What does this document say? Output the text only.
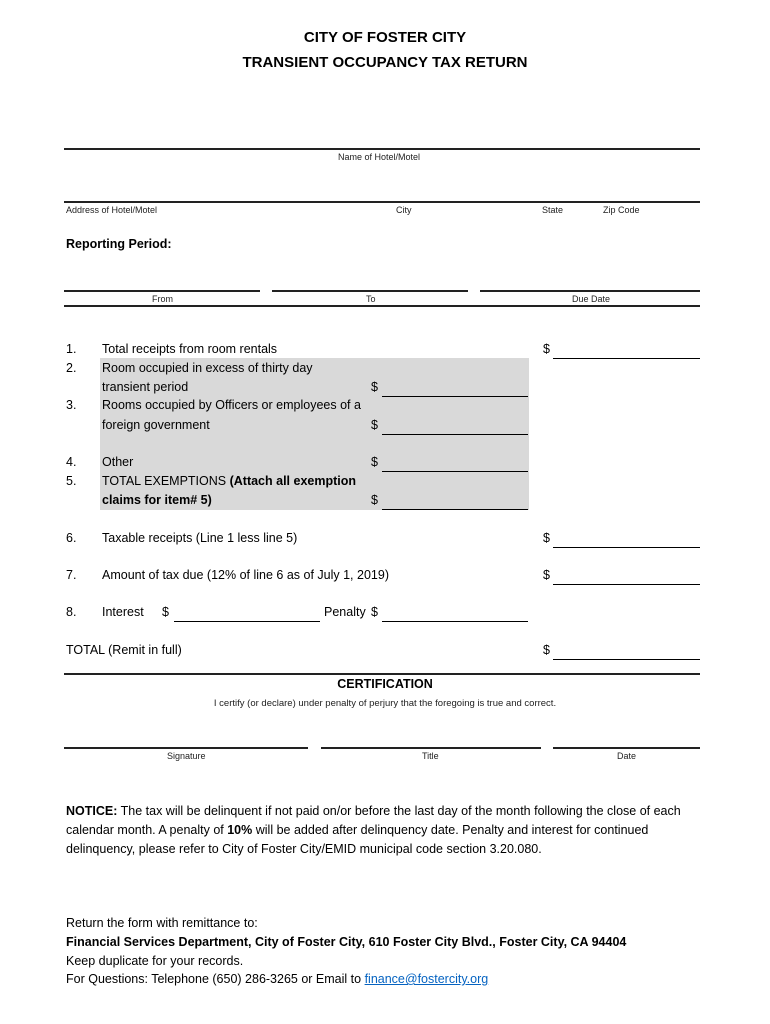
CITY OF FOSTER CITY
TRANSIENT OCCUPANCY TAX RETURN
Name of Hotel/Motel
Address of Hotel/Motel	City	State	Zip Code
Reporting Period:
From	To	Due Date
1. Total receipts from room rentals	$
2. Room occupied in excess of thirty day
transient period	$
3. Rooms occupied by Officers or employees of a
foreign government	$
4. Other	$
5. TOTAL EXEMPTIONS (Attach all exemption
claims for item# 5)	$
6. Taxable receipts (Line 1 less line 5)	$
7. Amount of tax due (12% of line 6 as of July 1, 2019)	$
8. Interest $	Penalty $
TOTAL (Remit in full)	$
CERTIFICATION
I certify (or declare) under penalty of perjury that the foregoing is true and correct.
Signature	Title	Date
NOTICE: The tax will be delinquent if not paid on/or before the last day of the month following the close of each calendar month. A penalty of 10% will be added after delinquency date. Penalty and interest for continued delinquency, please refer to City of Foster City/EMID municipal code section 3.20.080.
Return the form with remittance to:
Financial Services Department, City of Foster City, 610 Foster City Blvd., Foster City, CA 94404
Keep duplicate for your records.
For Questions: Telephone (650) 286-3265 or Email to finance@fostercity.org
